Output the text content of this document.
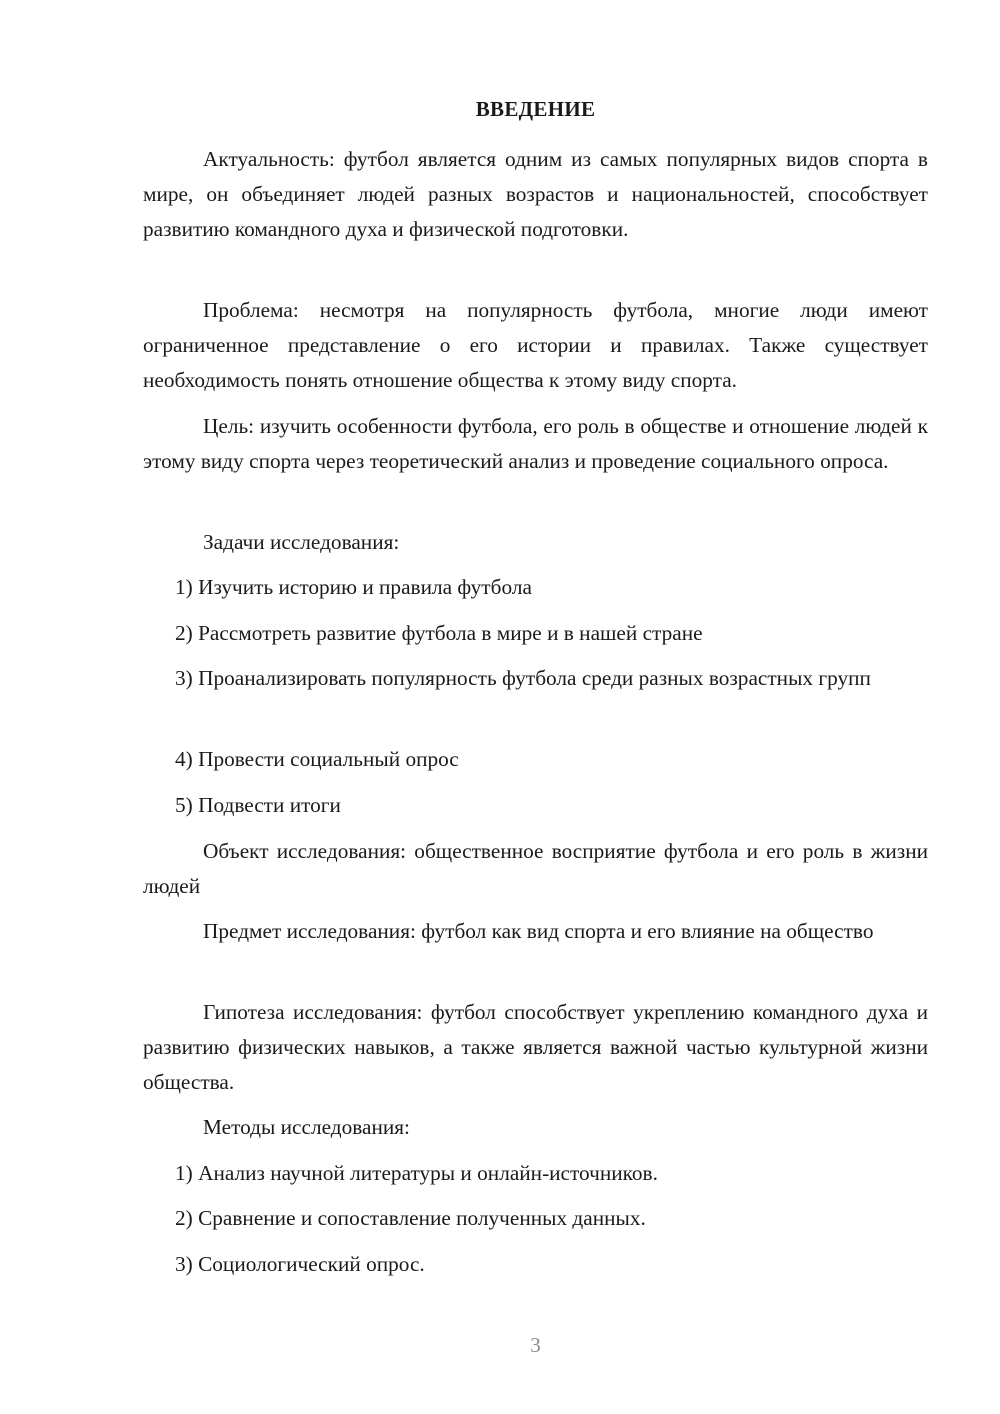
ВВЕДЕНИЕ
Актуальность: футбол является одним из самых популярных видов спорта в мире, он объединяет людей разных возрастов и национальностей, способствует развитию командного духа и физической подготовки.
Проблема: несмотря на популярность футбола, многие люди имеют ограниченное представление о его истории и правилах. Также существует необходимость понять отношение общества к этому виду спорта.
Цель: изучить особенности футбола, его роль в обществе и отношение людей к этому виду спорта через теоретический анализ и проведение социального опроса.
Задачи исследования:
1) Изучить историю и правила футбола
2) Рассмотреть развитие футбола в мире и в нашей стране
3) Проанализировать популярность футбола среди разных возрастных групп
4) Провести социальный опрос
5) Подвести итоги
Объект исследования: общественное восприятие футбола и его роль в жизни людей
Предмет исследования: футбол как вид спорта и его влияние на общество
Гипотеза исследования: футбол способствует укреплению командного духа и развитию физических навыков, а также является важной частью культурной жизни общества.
Методы исследования:
1) Анализ научной литературы и онлайн-источников.
2) Сравнение и сопоставление полученных данных.
3) Социологический опрос.
3
